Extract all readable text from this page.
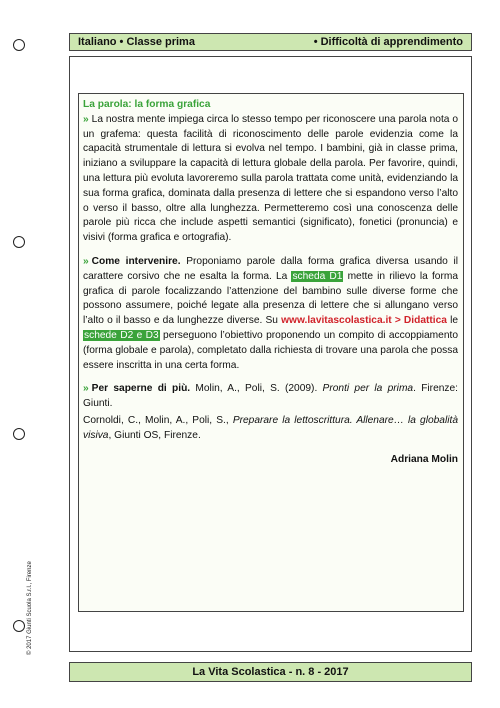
© 2017 Giunti Scuola S.r.l., Firenze
Italiano • Classe prima	• Difficoltà di apprendimento

La parola: la forma grafica

» La nostra mente impiega circa lo stesso tempo per riconoscere una parola nota o un grafema: questa facilità di riconoscimento delle parole evidenzia come la capacità strumentale di lettura si evolva nel tempo. I bambini, già in classe prima, iniziano a sviluppare la capacità di lettura globale della parola. Per favorire, quindi, una lettura più evoluta lavoreremo sulla parola trattata come unità, evidenziando la sua forma grafica, dominata dalla presenza di lettere che si espandono verso l’alto o verso il basso, oltre alla lunghezza. Permetteremo così una conoscenza delle parole più ricca che include aspetti semantici (significato), fonetici (pronuncia) e visivi (forma grafica e ortografia).

» Come intervenire. Proponiamo parole dalla forma grafica diversa usando il carattere corsivo che ne esalta la forma. La scheda D1 mette in rilievo la forma grafica di parole focalizzando l’attenzione del bambino sulle diverse forme che possono assumere, poiché legate alla presenza di lettere che si allungano verso l’alto o il basso e da lunghezze diverse. Su www.lavitascolastica.it > Didattica le schede D2 e D3 perseguono l’obiettivo proponendo un compito di accoppiamento (forma globale e parola), completato dalla richiesta di trovare una parola che possa essere inscritta in una certa forma.

» Per saperne di più. Molin, A., Poli, S. (2009). Pronti per la prima. Firenze: Giunti.

Cornoldi, C., Molin, A., Poli, S., Preparare la lettoscrittura. Allenare… la globalità visiva, Giunti OS, Firenze.

Adriana Molin
La Vita Scolastica - n. 8 - 2017
